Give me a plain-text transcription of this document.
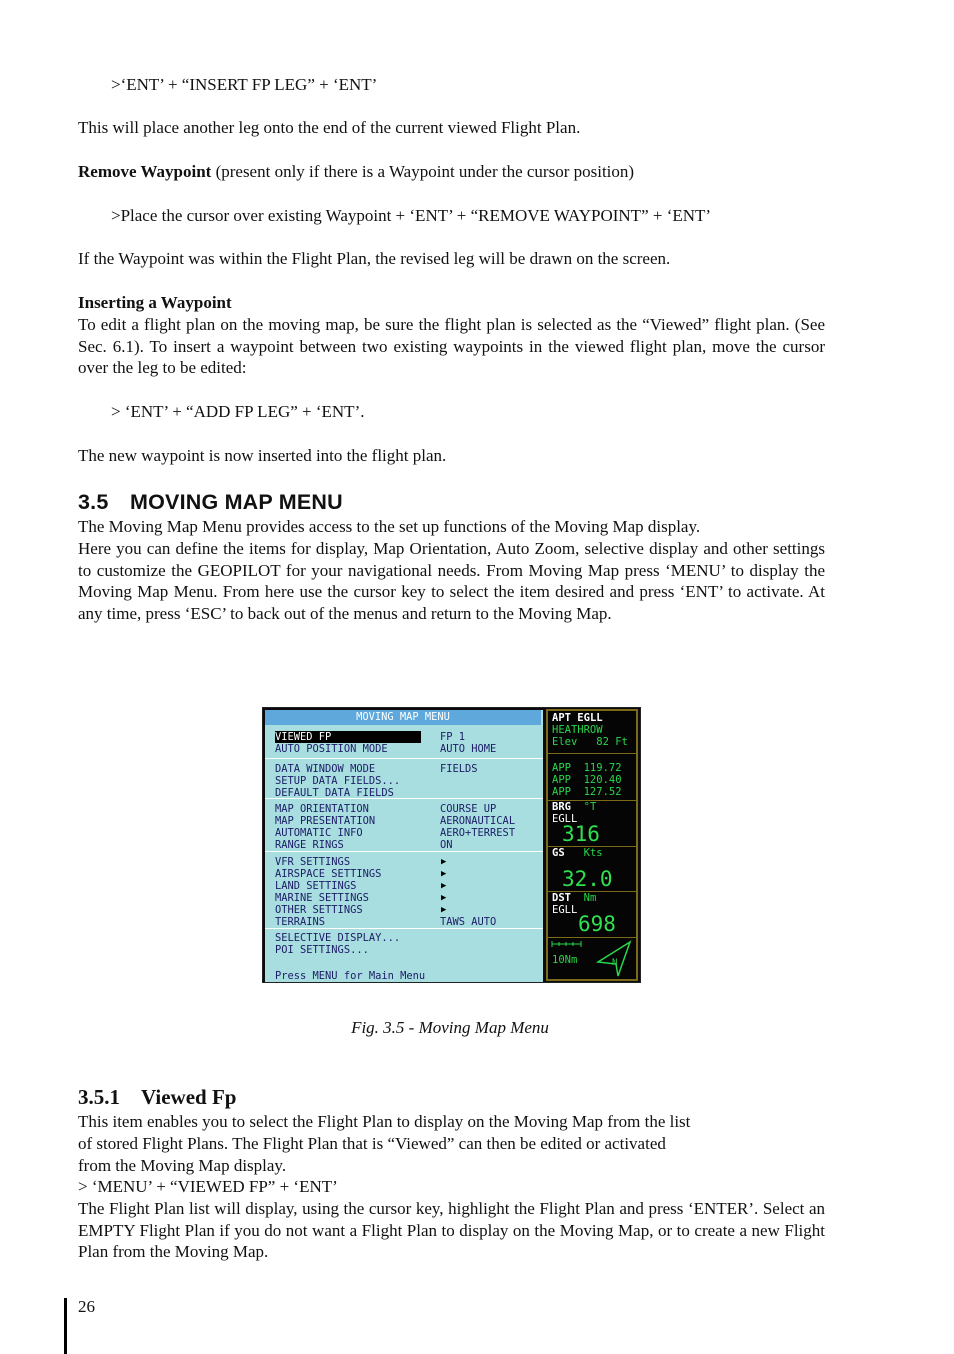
>‘ENT’ + “INSERT FP LEG” + ‘ENT’

This will place another leg onto the end of the current viewed Flight Plan.

Remove Waypoint (present only if there is a Waypoint under the cursor position)

>Place the cursor over existing Waypoint + ‘ENT’ + “REMOVE WAYPOINT” + ‘ENT’

If the Waypoint was within the Flight Plan, the revised leg will be drawn on the screen.

Inserting a Waypoint

To edit a flight plan on the moving map, be sure the flight plan is selected as the “Viewed” flight plan. (See Sec. 6.1). To insert a waypoint between two existing waypoints in the viewed flight plan, move the cursor over the leg to be edited:

> ‘ENT’ + “ADD FP LEG” + ‘ENT’.

The new waypoint is now inserted into the flight plan.

3.5 MOVING MAP MENU

The Moving Map Menu provides access to the set up functions of the Moving Map display.

Here you can define the items for display, Map Orientation, Auto Zoom, selective display and other settings to customize the GEOPILOT for your navigational needs. From Moving Map press ‘MENU’ to display the Moving Map Menu. From here use the cursor key to select the item desired and press ‘ENT’ to activate. At any time, press ‘ESC’ to back out of the menus and return to the Moving Map.

MOVING MAP MENU
VIEWED FP	FP 1
AUTO POSITION MODE	AUTO HOME
DATA WINDOW MODE	FIELDS
SETUP DATA FIELDS...
DEFAULT DATA FIELDS
MAP ORIENTATION	COURSE UP
MAP PRESENTATION	AERONAUTICAL
AUTOMATIC INFO	AERO+TERREST
RANGE RINGS	ON
VFR SETTINGS	▶
AIRSPACE SETTINGS	▶
LAND SETTINGS	▶
MARINE SETTINGS	▶
OTHER SETTINGS	▶
TERRAINS	TAWS AUTO
SELECTIVE DISPLAY...
POI SETTINGS...
Press MENU for Main Menu
APT EGLL
HEATHROW
Elev   82 Ft
APP  119.72
APP  120.40
APP  127.52
BRG °T
EGLL
316
GS Kts
32.0
DST Nm
EGLL
698
10Nm	N
Fig. 3.5 - Moving Map Menu
3.5.1 Viewed Fp

This item enables you to select the Flight Plan to display on the Moving Map from the list

of stored Flight Plans. The Flight Plan that is “Viewed” can then be edited or activated

from the Moving Map display.

> ‘MENU’ + “VIEWED FP” + ‘ENT’

The Flight Plan list will display, using the cursor key, highlight the Flight Plan and press ‘ENTER’. Select an EMPTY Flight Plan if you do not want a Flight Plan to display on the Moving Map, or to create a new Flight Plan from the Moving Map.

26
